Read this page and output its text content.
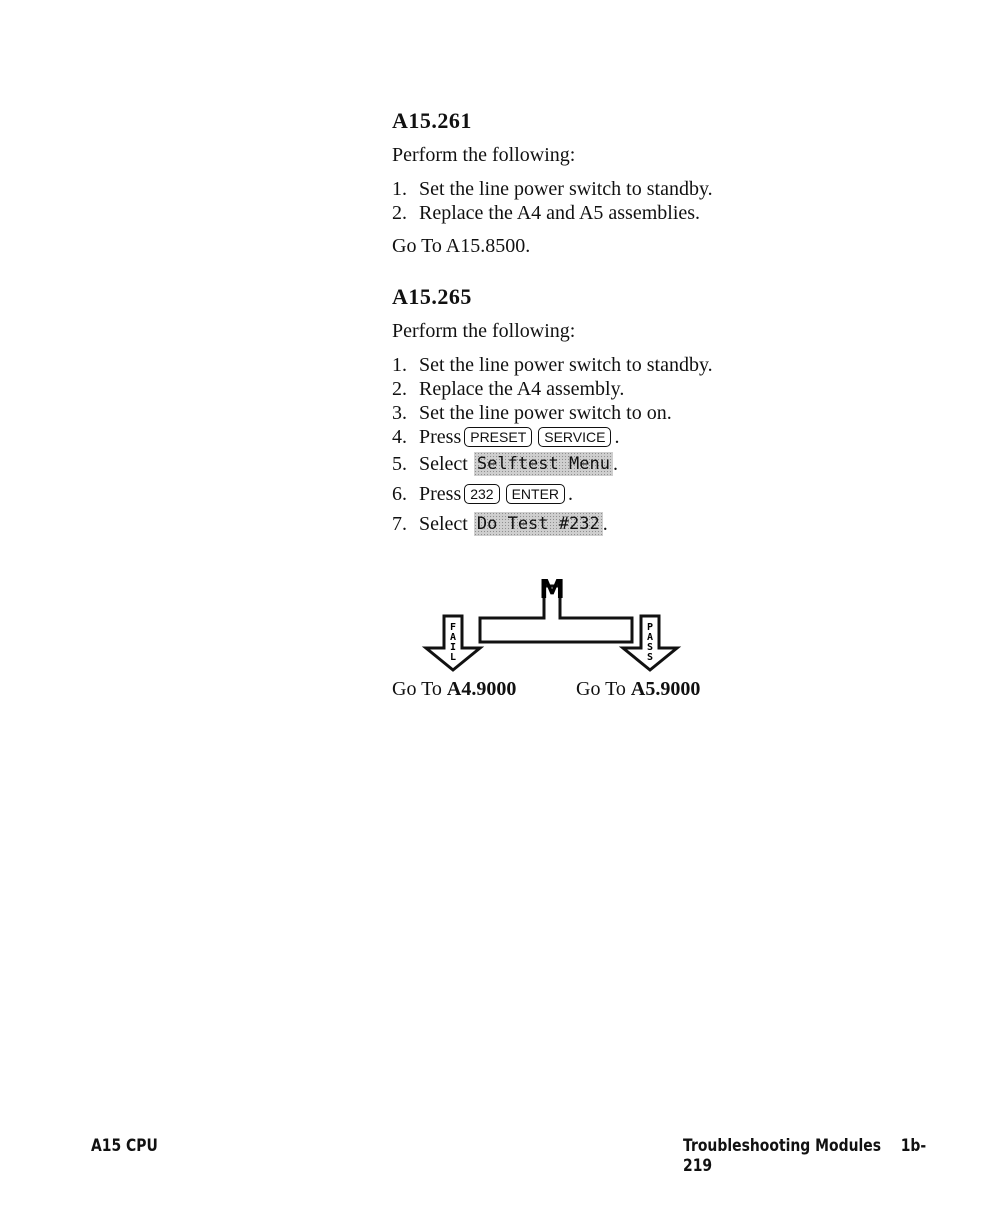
A15.261
Perform the following:
1. Set the line power switch to standby.
2. Replace the A4 and A5 assemblies.
Go To A15.8500.
A15.265
Perform the following:
1. Set the line power switch to standby.
2. Replace the A4 assembly.
3. Set the line power switch to on.
4. Press PRESET	SERVICE .
5. Select Selftest Menu .
6. Press 232	ENTER .
7. Select Do Test #232 .
M
F
A
I
L
P
A
S
S
Go To A4.9000	Go To A5.9000
A15 CPU	Troubleshooting Modules 1b-219
